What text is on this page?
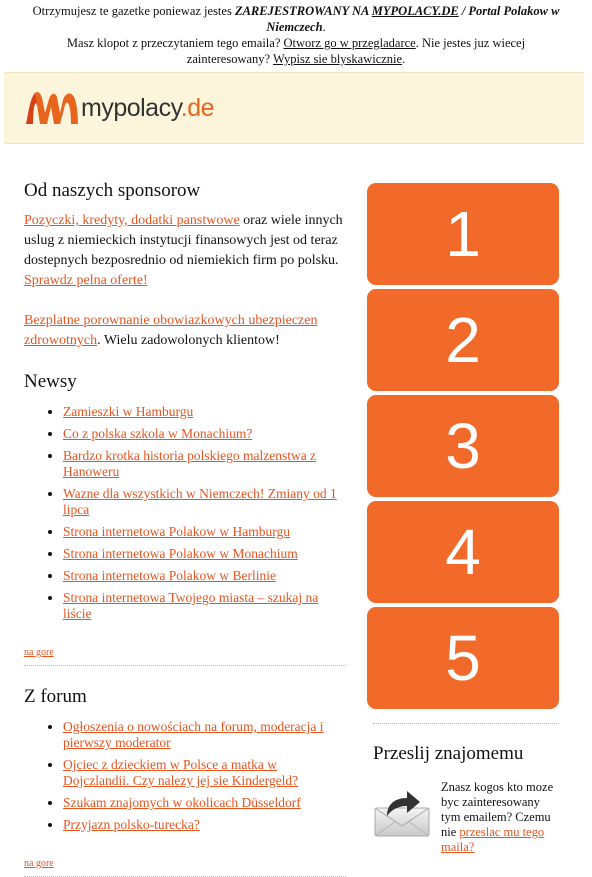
Otrzymujesz te gazetke poniewaz jestes ZAREJESTROWANY NA MYPOLACY.DE / Portal Polakow w Niemczech.
Masz klopot z przeczytaniem tego emaila? Otworz go w przegladarce. Nie jestes juz wiecej zainteresowany? Wypisz sie blyskawicznie.
mypolacy.de
Od naszych sponsorow

Pozyczki, kredyty, dodatki panstwowe oraz wiele innych uslug z niemieckich instytucji finansowych jest od teraz dostepnych bezposrednio od niemiekich firm po polsku. Sprawdz pelna oferte!

Bezplatne porownanie obowiazkowych ubezpieczen zdrowotnych. Wielu zadowolonych klientow!

Newsy
• Zamieszki w Hamburgu
• Co z polska szkola w Monachium?
• Bardzo krotka historia polskiego malzenstwa z Hanoweru
• Wazne dla wszystkich w Niemczech! Zmiany od 1 lipca
• Strona internetowa Polakow w Hamburgu
• Strona internetowa Polakow w Monachium
• Strona internetowa Polakow w Berlinie
• Strona internetowa Twojego miasta – szukaj na liście
na gore
Z forum
• Ogłoszenia o nowościach na forum, moderacja i pierwszy moderator
• Ojciec z dzieckiem w Polsce a matka w Dojczlandii. Czy nalezy jej sie Kindergeld?
• Szukam znajomych w okolicach Düsseldorf
• Przyjazn polsko-turecka?
na gore
1
2
3
4
5
Przeslij znajomemu
Znasz kogos kto moze byc zainteresowany tym emailem? Czemu nie przeslac mu tego maila?
